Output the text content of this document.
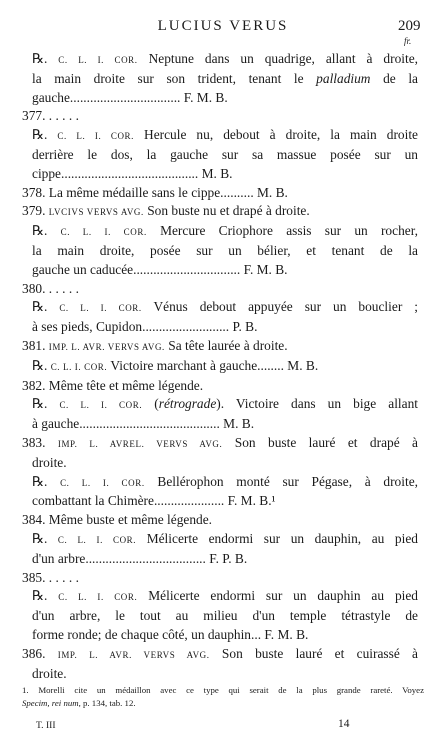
LUCIUS VERUS	209
fr.
℞. C. L. I. COR. Neptune dans un quadrige, allant à droite,
la main droite sur son trident, tenant le palladium de la
gauche................................. F. M. B.
377. . . . . .
℞. C. L. I. COR. Hercule nu, debout à droite, la main droite
derrière le dos, la gauche sur sa massue posée sur un
cippe......................................... M. B.
378. La même médaille sans le cippe.......... M. B.
379. LVCIVS VERVS AVG. Son buste nu et drapé à droite.
℞. C. L. I. COR. Mercure Criophore assis sur un rocher,
la main droite, posée sur un bélier, et tenant de la
gauche un caducée................................ F. M. B.
380. . . . . .
℞. C. L. I. COR. Vénus debout appuyée sur un bouclier ;
à ses pieds, Cupidon.......................... P. B.
381. IMP. L. AVR. VERVS AVG. Sa tête laurée à droite.
℞. C. L. I. COR. Victoire marchant à gauche........ M. B.
382. Même tête et même légende.
℞. C. L. I. COR. (rétrograde). Victoire dans un bige allant
à gauche.......................................... M. B.
383. IMP. L. AVREL. VERVS AVG. Son buste lauré et drapé à
droite.
℞. C. L. I. COR. Bellérophon monté sur Pégase, à droite,
combattant la Chimère..................... F. M. B.¹
384. Même buste et même légende.
℞. C. L. I. COR. Mélicerte endormi sur un dauphin, au pied
d'un arbre.................................... F. P. B.
385. . . . . .
℞. C. L. I. COR. Mélicerte endormi sur un dauphin au pied
d'un arbre, le tout au milieu d'un temple tétrastyle de
forme ronde; de chaque côté, un dauphin... F. M. B.
386. IMP. L. AVR. VERVS AVG. Son buste lauré et cuirassé à
droite.
1. Morelli cite un médaillon avec ce type qui serait de la plus grande rareté. Voyez
Specim, rei num, p. 134, tab. 12.
T. III	14
